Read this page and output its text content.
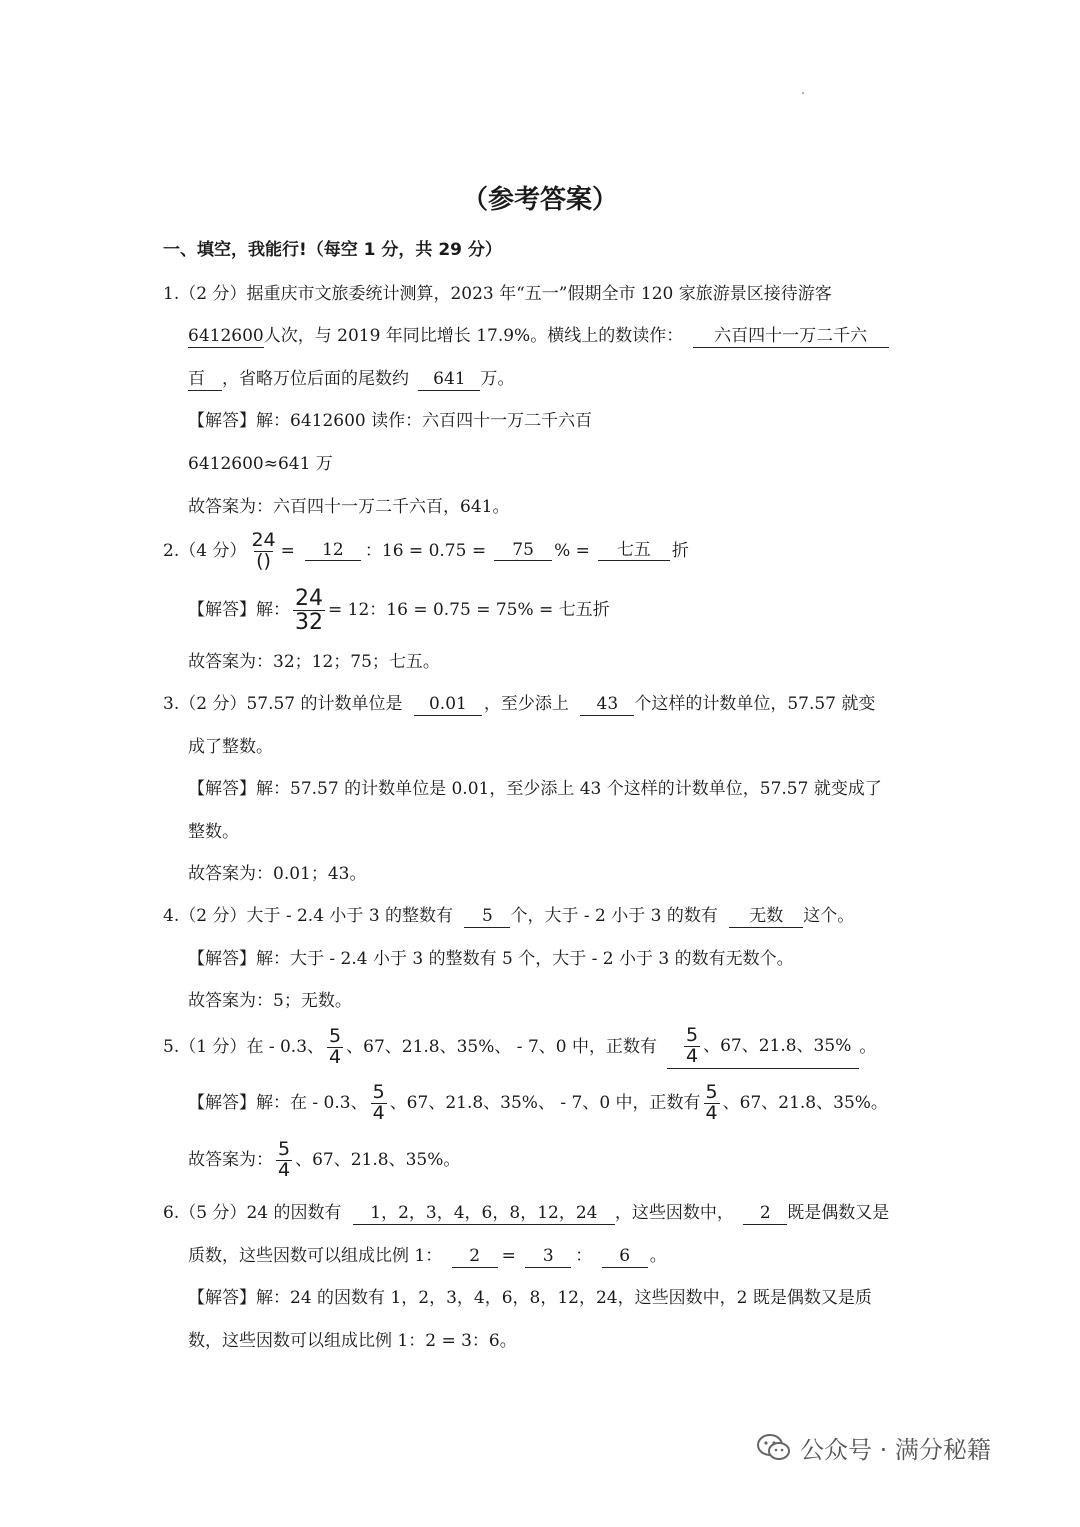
（参考答案）
一、填空，我能行!（每空 1 分，共 29 分）
1.（2 分）据重庆市文旅委统计测算，2023 年“五一”假期全市 120 家旅游景区接待游客
6412600人次，与 2019 年同比增长 17.9%。横线上的数读作： 六百四十一万二千六
百 ，省略万位后面的尾数约 641 万。
【解答】解：6412600 读作：六百四十一万二千六百
6412600≈641 万
故答案为：六百四十一万二千六百，641。
2.（4 分） $\frac{24}{()}$ =	12	：16 = 0.75 =	75	% =	七五	折
【解答】解： $\frac{24}{32} = 12$：16 = 0.75 = 75% = 七五折
故答案为：32；12；75；七五。
3.（2 分）57.57 的计数单位是 0.01 ，至少添上 43 个这样的计数单位，57.57 就变
成了整数。
【解答】解：57.57 的计数单位是 0.01，至少添上 43 个这样的计数单位，57.57 就变成了
整数。
故答案为：0.01；43。
4.（2 分）大于 - 2.4 小于 3 的整数有 5 个，大于 - 2 小于 3 的数有 无数 这个。
【解答】解：大于 - 2.4 小于 3 的整数有 5 个，大于 - 2 小于 3 的数有无数个。
故答案为：5；无数。
5.（1 分）在 - 0.3、 $\frac{5}{4}$ 、67、21.8、35%、 - 7、0 中，正数有 $\frac{5}{4}$ 、67、21.8、35% 。
【解答】解：在 - 0.3、 $\frac{5}{4}$ 、67、21.8、35%、 - 7、0 中，正数有 $\frac{5}{4}$ 、67、21.8、35%。
故答案为： $\frac{5}{4}$ 、67、21.8、35%。
6.（5 分）24 的因数有 1，2，3，4，6，8，12，24 ，这些因数中， 2 既是偶数又是
质数，这些因数可以组成比例 1： 2 = 3 ： 6 。
【解答】解：24 的因数有 1，2，3，4，6，8，12，24，这些因数中，2 既是偶数又是质
数，这些因数可以组成比例 1：2 = 3：6。
公众号 · 满分秘籍
